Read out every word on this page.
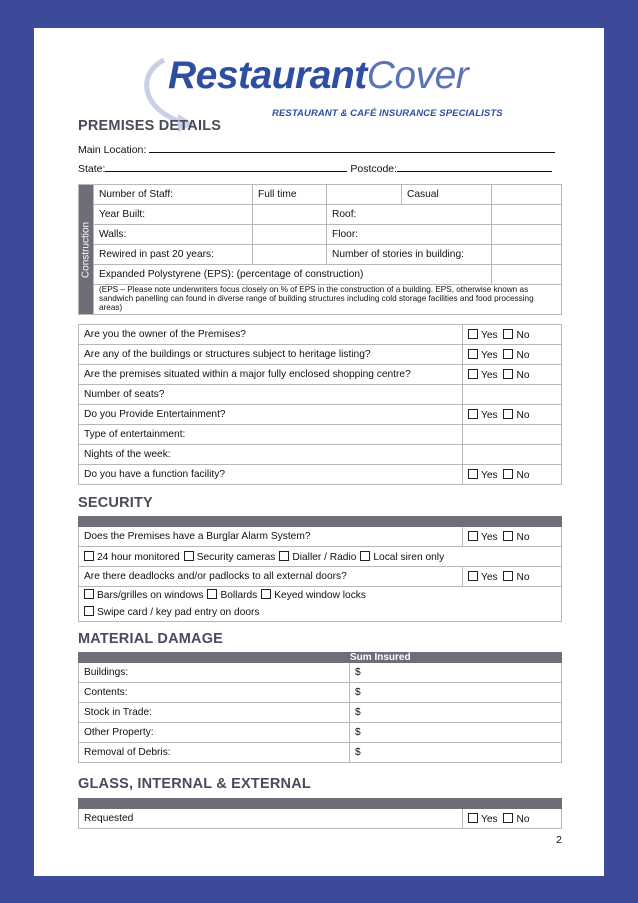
RestaurantCover
RESTAURANT & CAFÉ INSURANCE SPECIALISTS
PREMISES DETAILS
Main Location:
State:	Postcode:
Construction	Number of Staff:	Full time		Casual	
	Year Built:		Roof:		
	Walls:		Floor:		
	Rewired in past 20 years:		Number of stories in building:		
	Expanded Polystyrene (EPS): (percentage of construction)				
	(EPS – Please note underwriters focus closely on % of EPS in the construction of a building. EPS, otherwise known as sandwich panelling can found in diverse range of building structures including cold storage facilities and food processing areas)				
Are you the owner of the Premises?	Yes No
Are any of the buildings or structures subject to heritage listing?	Yes No
Are the premises situated within a major fully enclosed shopping centre?	Yes No
Number of seats?	
Do you Provide Entertainment?	Yes No
Type of entertainment:	
Nights of the week:	
Do you have a function facility?	Yes No
SECURITY

Does the Premises have a Burglar Alarm System?	Yes No
24 hour monitored Security cameras Dialler / Radio Local siren only	
Are there deadlocks and/or padlocks to all external doors?	Yes No

Bars/grilles on windows Bollards Keyed window locks
Swipe card / key pad entry on doors	
MATERIAL DAMAGE
	Sum Insured
Buildings:	$
Contents:	$
Stock in Trade:	$
Other Property:	$
Removal of Debris:	$
GLASS, INTERNAL & EXTERNAL

Requested	Yes No
2
